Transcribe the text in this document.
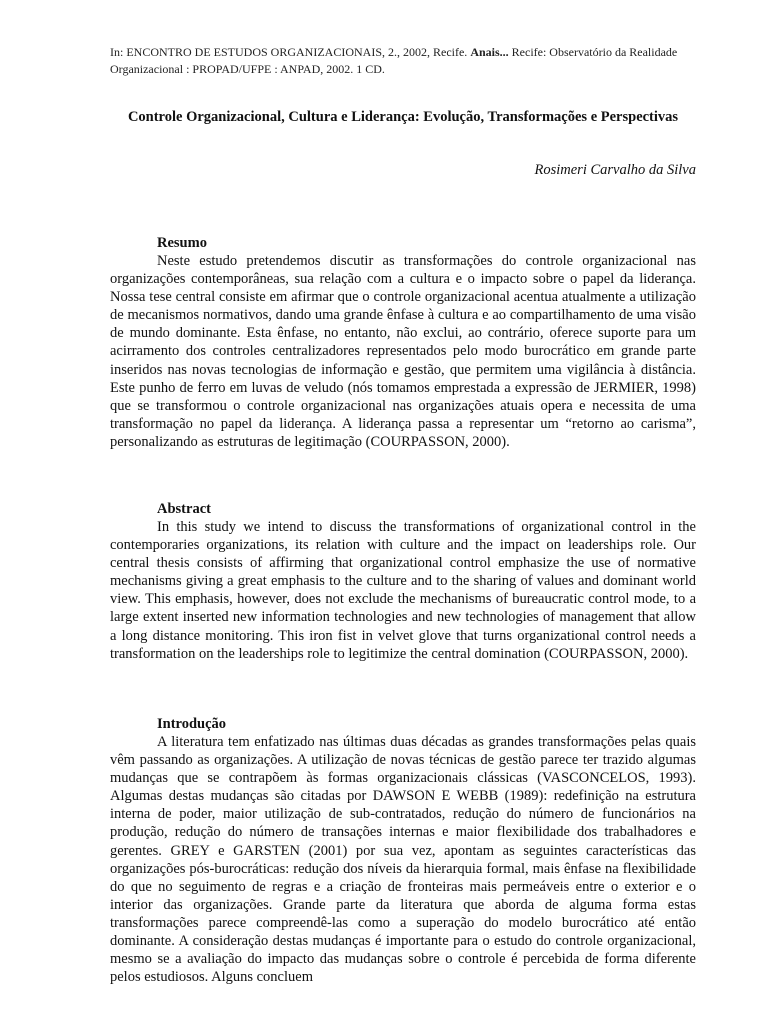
In: ENCONTRO DE ESTUDOS ORGANIZACIONAIS, 2., 2002, Recife. Anais... Recife: Observatório da Realidade Organizacional : PROPAD/UFPE : ANPAD, 2002. 1 CD.
Controle Organizacional, Cultura e Liderança: Evolução, Transformações e Perspectivas
Rosimeri Carvalho da Silva

Resumo

Neste estudo pretendemos discutir as transformações do controle organizacional nas organizações contemporâneas, sua relação com a cultura e o impacto sobre o papel da liderança. Nossa tese central consiste em afirmar que o controle organizacional acentua atualmente a utilização de mecanismos normativos, dando uma grande ênfase à cultura e ao compartilhamento de uma visão de mundo dominante. Esta ênfase, no entanto, não exclui, ao contrário, oferece suporte para um acirramento dos controles centralizadores representados pelo modo burocrático em grande parte inseridos nas novas tecnologias de informação e gestão, que permitem uma vigilância à distância. Este punho de ferro em luvas de veludo (nós tomamos emprestada a expressão de JERMIER, 1998) que se transformou o controle organizacional nas organizações atuais opera e necessita de uma transformação no papel da liderança. A liderança passa a representar um “retorno ao carisma”, personalizando as estruturas de legitimação (COURPASSON, 2000).

Abstract

In this study we intend to discuss the transformations of organizational control in the contemporaries organizations, its relation with culture and the impact on leaderships role. Our central thesis consists of affirming that organizational control emphasize the use of normative mechanisms giving a great emphasis to the culture and to the sharing of values and dominant world view. This emphasis, however, does not exclude the mechanisms of bureaucratic control mode, to a large extent inserted new information technologies and new technologies of management that allow a long distance monitoring. This iron fist in velvet glove that turns organizational control needs a transformation on the leaderships role to legitimize the central domination (COURPASSON, 2000).

Introdução

A literatura tem enfatizado nas últimas duas décadas as grandes transformações pelas quais vêm passando as organizações. A utilização de novas técnicas de gestão parece ter trazido algumas mudanças que se contrapõem às formas organizacionais clássicas (VASCONCELOS, 1993). Algumas destas mudanças são citadas por DAWSON E WEBB (1989): redefinição na estrutura interna de poder, maior utilização de sub-contratados, redução do número de funcionários na produção, redução do número de transações internas e maior flexibilidade dos trabalhadores e gerentes. GREY e GARSTEN (2001) por sua vez, apontam as seguintes características das organizações pós-burocráticas: redução dos níveis da hierarquia formal, mais ênfase na flexibilidade do que no seguimento de regras e a criação de fronteiras mais permeáveis entre o exterior e o interior das organizações. Grande parte da literatura que aborda de alguma forma estas transformações parece compreendê-las como a superação do modelo burocrático até então dominante. A consideração destas mudanças é importante para o estudo do controle organizacional, mesmo se a avaliação do impacto das mudanças sobre o controle é percebida de forma diferente pelos estudiosos. Alguns concluem
